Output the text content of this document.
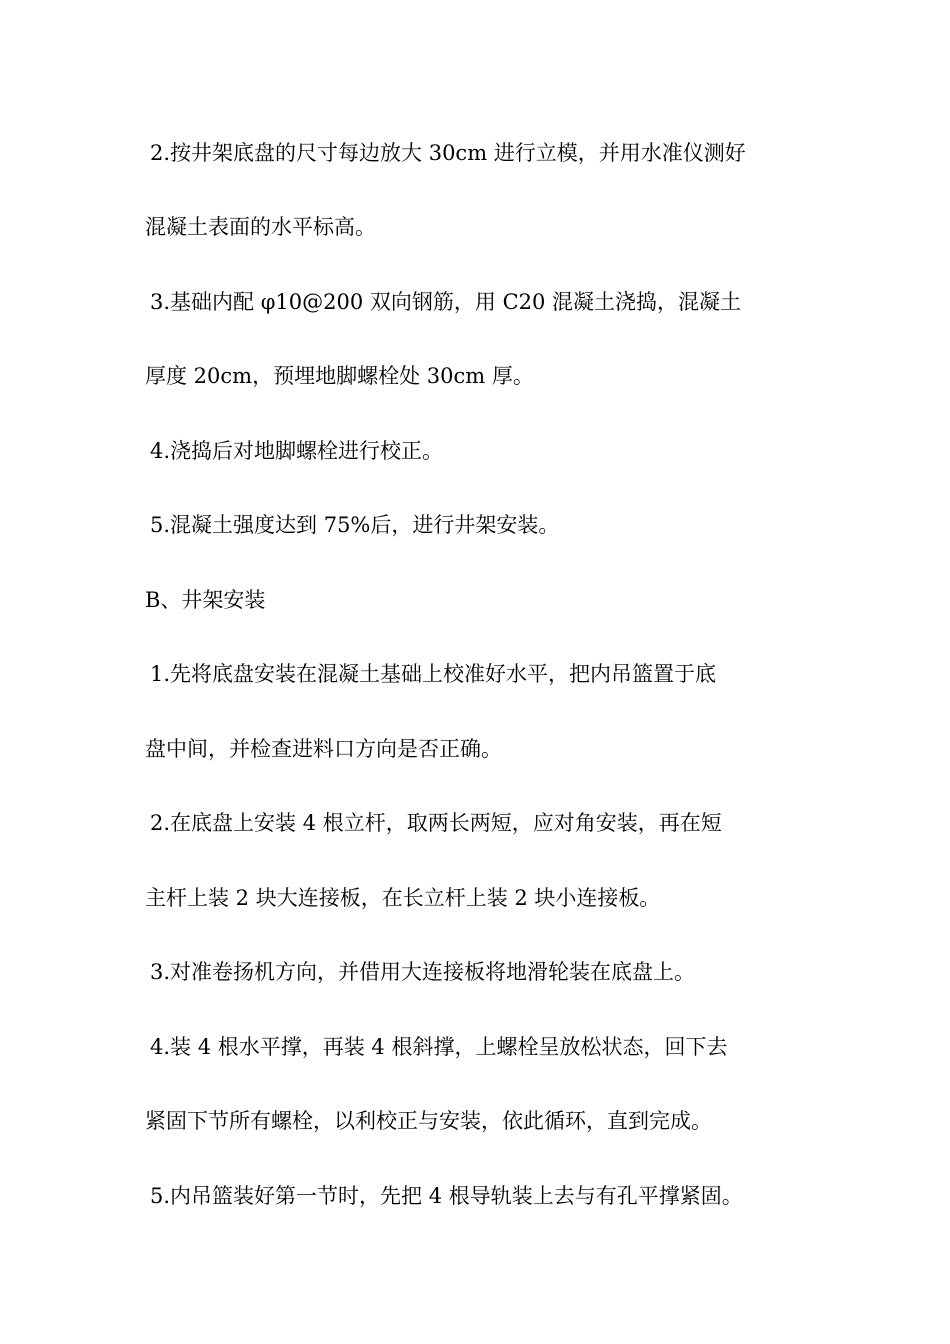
2.按井架底盘的尺寸每边放大 30cm 进行立模，并用水准仪测好
混凝土表面的水平标高。
3.基础内配 φ10@200 双向钢筋，用 C20 混凝土浇捣，混凝土
厚度 20cm，预埋地脚螺栓处 30cm 厚。
4.浇捣后对地脚螺栓进行校正。
5.混凝土强度达到 75%后，进行井架安装。
B、井架安装
1.先将底盘安装在混凝土基础上校准好水平，把内吊篮置于底
盘中间，并检查进料口方向是否正确。
2.在底盘上安装 4 根立杆，取两长两短，应对角安装，再在短
主杆上装 2 块大连接板，在长立杆上装 2 块小连接板。
3.对准卷扬机方向，并借用大连接板将地滑轮装在底盘上。
4.装 4 根水平撑，再装 4 根斜撑，上螺栓呈放松状态，回下去
紧固下节所有螺栓，以利校正与安装，依此循环，直到完成。
5.内吊篮装好第一节时，先把 4 根导轨装上去与有孔平撑紧固。
